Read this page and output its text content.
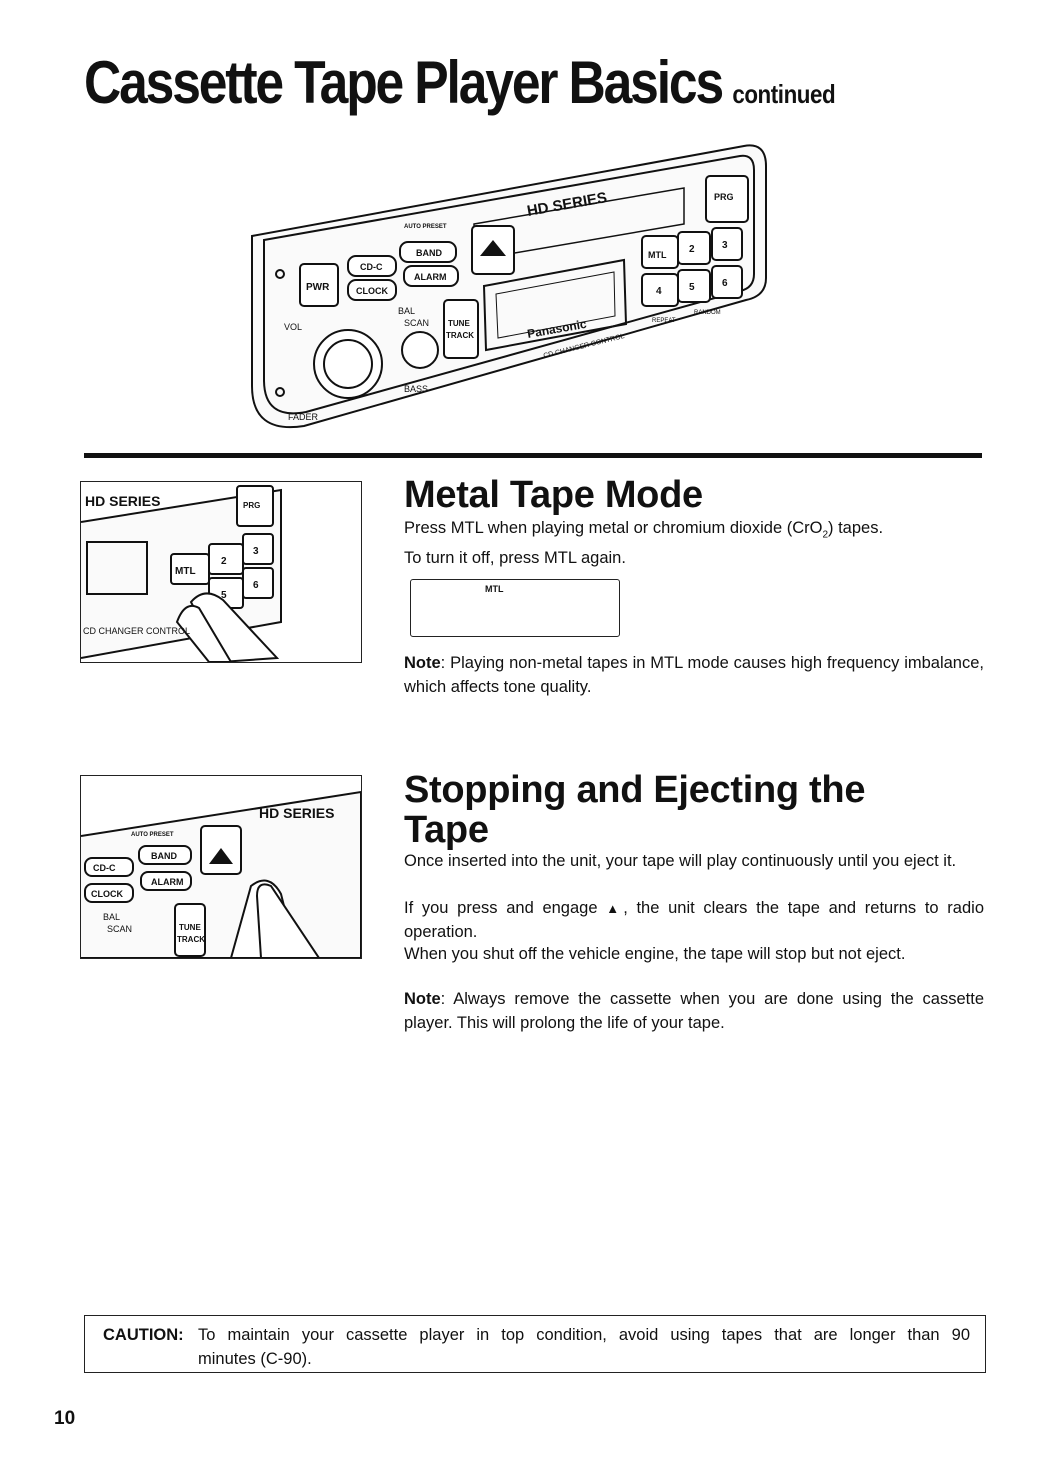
Cassette Tape Player Basics continued
PWR
CD-C
BAND
CLOCK
ALARM
AUTO PRESET
VOL
FADER
BAL
SCAN TUNE
TRACK
BASS
Panasonic
HD SERIES	PRG
MTL 2	3
4	5	6
CD CHANGER CONTROL
REPEAT
RANDOM
HD SERIES
MTL
2
3
5
6
PRG
CD CHANGER CONTROL
Metal Tape Mode

Press MTL when playing metal or chromium dioxide (CrO$_2$) tapes.
To turn it off, press MTL again.

MTL

Note: Playing non-metal tapes in MTL mode causes high frequency imbalance, which affects tone quality.

HD SERIES
AUTO PRESET
CD-C
BAND
CLOCK
ALARM
BAL
SCAN	TUNE
TRACK
Stopping and Ejecting the
Tape

Once inserted into the unit, your tape will play continuously until you eject it.

If you press and engage ▲, the unit clears the tape and returns to radio operation.

When you shut off the vehicle engine, the tape will stop but not eject.

Note: Always remove the cassette when you are done using the cassette player. This will prolong the life of your tape.

CAUTION: To maintain your cassette player in top condition, avoid using tapes that are longer than 90
minutes (C-90).
10
